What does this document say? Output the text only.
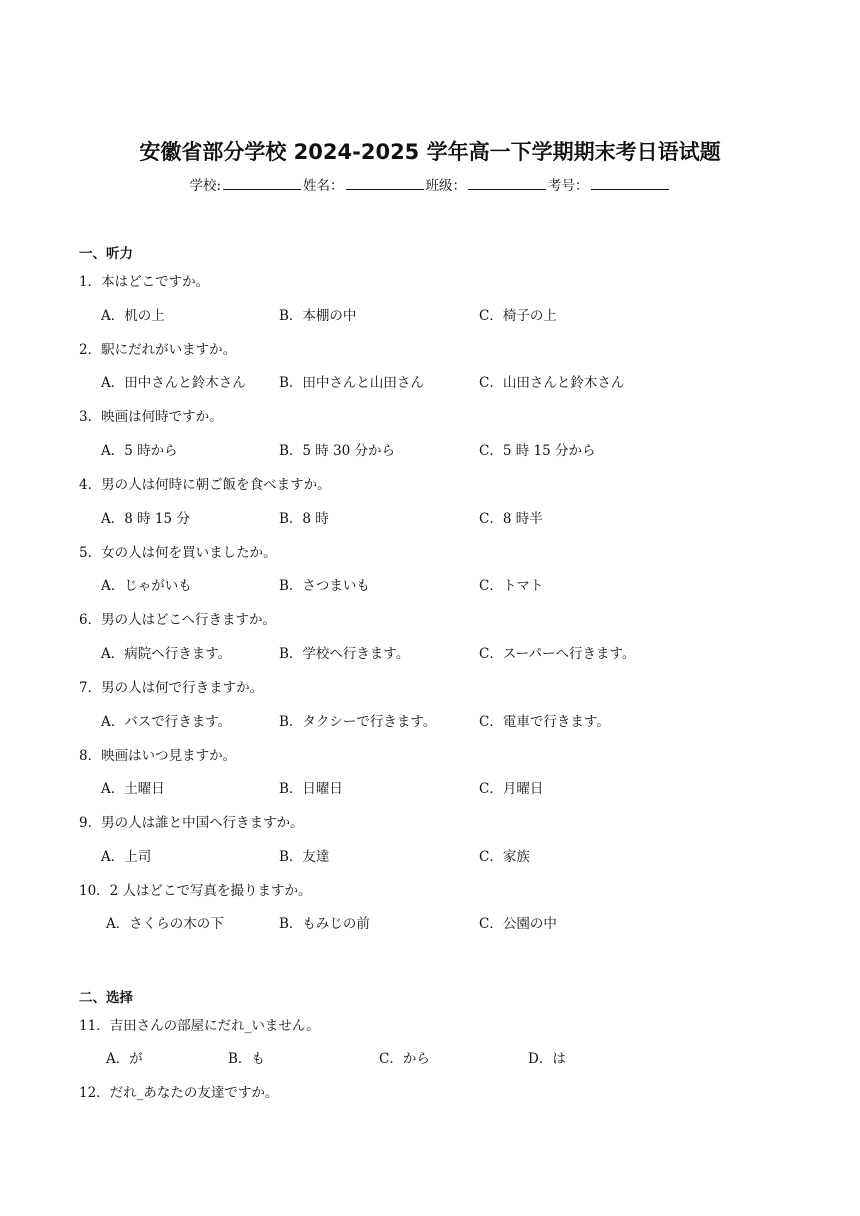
安徽省部分学校 2024-2025 学年高一下学期期末考日语试题
学校:	姓名：	班级：	考号：
一、听力
1．本はどこですか。
A．机の上	B．本棚の中	C．椅子の上
2．駅にだれがいますか。
A．田中さんと鈴木さん B．田中さんと山田さん	C．山田さんと鈴木さん
3．映画は何時ですか。
A．5 時から	B．5 時 30 分から	C．5 時 15 分から
4．男の人は何時に朝ご飯を食べますか。
A．8 時 15 分	B．8 時	C．8 時半
5．女の人は何を買いましたか。
A．じゃがいも	B．さつまいも	C．トマト
6．男の人はどこへ行きますか。
A．病院へ行きます。	B．学校へ行きます。	C．スーパーへ行きます。
7．男の人は何で行きますか。
A．バスで行きます。	B．タクシーで行きます。	C．電車で行きます。
8．映画はいつ見ますか。
A．土曜日	B．日曜日	C．月曜日
9．男の人は誰と中国へ行きますか。
A．上司	B．友達	C．家族
10．2 人はどこで写真を撮りますか。
A．さくらの木の下	B．もみじの前	C．公園の中
二、选择
11．吉田さんの部屋にだれ_いません。
A．が	B．も	C．から	D．は
12．だれ_あなたの友達ですか。
